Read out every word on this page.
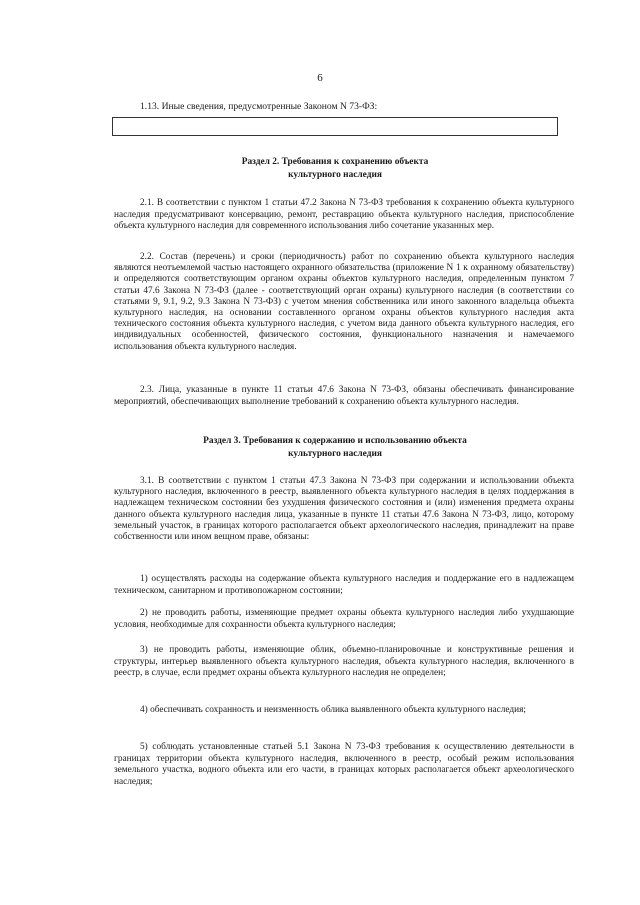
6
1.13. Иные сведения, предусмотренные Законом N 73-ФЗ:
Раздел 2. Требования к сохранению объекта
культурного наследия
2.1. В соответствии с пунктом 1 статьи 47.2 Закона N 73-ФЗ требования к сохранению объекта культурного наследия предусматривают консервацию, ремонт, реставрацию объекта культурного наследия, приспособление объекта культурного наследия для современного использования либо сочетание указанных мер.
2.2. Состав (перечень) и сроки (периодичность) работ по сохранению объекта культурного наследия являются неотъемлемой частью настоящего охранного обязательства (приложение N 1 к охранному обязательству) и определяются соответствующим органом охраны объектов культурного наследия, определенным пунктом 7 статьи 47.6 Закона N 73-ФЗ (далее - соответствующий орган охраны) культурного наследия (в соответствии со статьями 9, 9.1, 9.2, 9.3 Закона N 73-ФЗ) с учетом мнения собственника или иного законного владельца объекта культурного наследия, на основании составленного органом охраны объектов культурного наследия акта технического состояния объекта культурного наследия, с учетом вида данного объекта культурного наследия, его индивидуальных особенностей, физического состояния, функционального назначения и намечаемого использования объекта культурного наследия.
2.3. Лица, указанные в пункте 11 статьи 47.6 Закона N 73-ФЗ, обязаны обеспечивать финансирование мероприятий, обеспечивающих выполнение требований к сохранению объекта культурного наследия.
Раздел 3. Требования к содержанию и использованию объекта
культурного наследия
3.1. В соответствии с пунктом 1 статьи 47.3 Закона N 73-ФЗ при содержании и использовании объекта культурного наследия, включенного в реестр, выявленного объекта культурного наследия в целях поддержания в надлежащем техническом состоянии без ухудшения физического состояния и (или) изменения предмета охраны данного объекта культурного наследия лица, указанные в пункте 11 статьи 47.6 Закона N 73-ФЗ, лицо, которому земельный участок, в границах которого располагается объект археологического наследия, принадлежит на праве собственности или ином вещном праве, обязаны:
1) осуществлять расходы на содержание объекта культурного наследия и поддержание его в надлежащем техническом, санитарном и противопожарном состоянии;
2) не проводить работы, изменяющие предмет охраны объекта культурного наследия либо ухудшающие условия, необходимые для сохранности объекта культурного наследия;
3) не проводить работы, изменяющие облик, объемно-планировочные и конструктивные решения и структуры, интерьер выявленного объекта культурного наследия, объекта культурного наследия, включенного в реестр, в случае, если предмет охраны объекта культурного наследия не определен;
4) обеспечивать сохранность и неизменность облика выявленного объекта культурного наследия;
5) соблюдать установленные статьей 5.1 Закона N 73-ФЗ требования к осуществлению деятельности в границах территории объекта культурного наследия, включенного в реестр, особый режим использования земельного участка, водного объекта или его части, в границах которых располагается объект археологического наследия;
